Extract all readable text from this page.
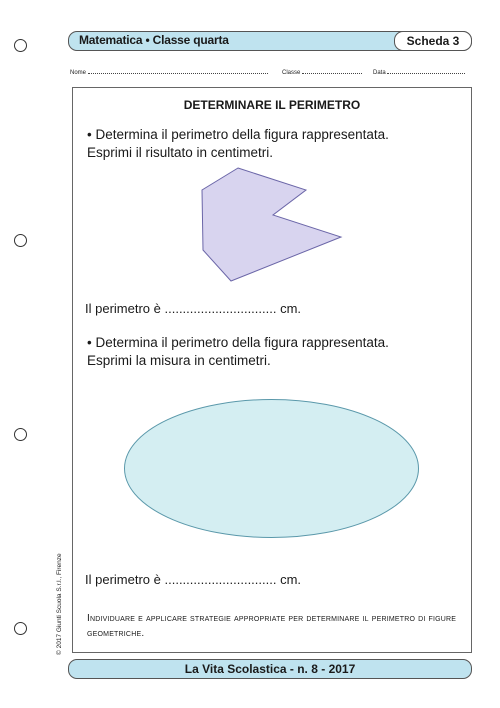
Matematica • Classe quarta	Scheda 3
Nome	Classe	Data
DETERMINARE IL PERIMETRO
• Determina il perimetro della figura rappresentata.
Esprimi il risultato in centimetri.
Il perimetro è ............................... cm.
• Determina il perimetro della figura rappresentata.
Esprimi la misura in centimetri.
Il perimetro è ............................... cm.
Individuare e applicare strategie appropriate per determinare il perimetro di figure geometriche.
© 2017 Giunti Scuola S.r.l., Firenze
La Vita Scolastica - n. 8 - 2017
